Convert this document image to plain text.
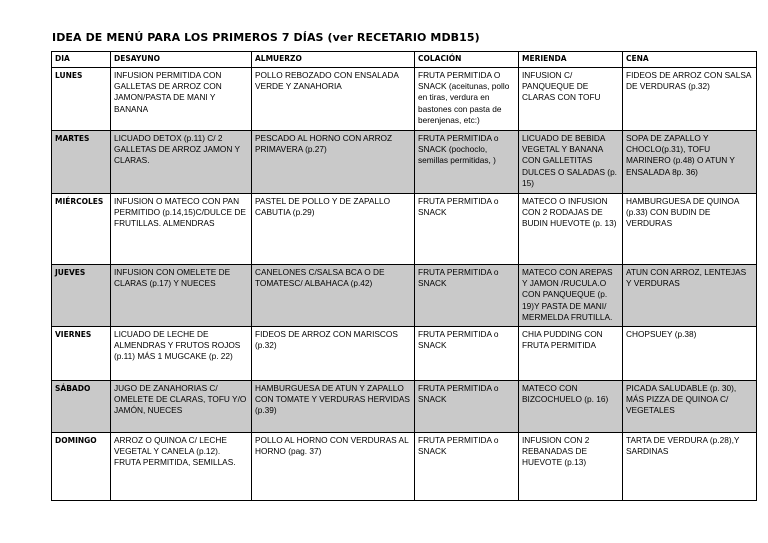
IDEA DE MENÚ PARA LOS PRIMEROS 7 DÍAS (ver RECETARIO MDB15)
DIA	DESAYUNO	ALMUERZO	COLACIÓN	MERIENDA	CENA
LUNES	INFUSION PERMITIDA CON GALLETAS DE ARROZ CON JAMON/PASTA DE MANI Y BANANA	POLLO REBOZADO CON ENSALADA VERDE Y ZANAHORIA	FRUTA PERMITIDA O SNACK (aceitunas, pollo en tiras, verdura en bastones con pasta de berenjenas, etc:)	INFUSION C/ PANQUEQUE DE CLARAS CON TOFU	FIDEOS DE ARROZ CON SALSA DE VERDURAS (p.32)
MARTES	LICUADO DETOX (p.11) C/ 2 GALLETAS DE ARROZ JAMON Y CLARAS.	PESCADO AL HORNO CON ARROZ PRIMAVERA (p.27)	FRUTA PERMITIDA o SNACK (pochoclo, semillas permitidas, )	LICUADO DE BEBIDA VEGETAL Y BANANA CON GALLETITAS DULCES O SALADAS (p. 15)	SOPA DE ZAPALLO Y CHOCLO(p.31), TOFU MARINERO (p.48) O ATUN Y ENSALADA 8p. 36)
MIÉRCOLES	INFUSION O MATECO CON PAN PERMITIDO (p.14,15)C/DULCE DE FRUTILLAS. ALMENDRAS	PASTEL DE POLLO Y DE ZAPALLO CABUTIA (p.29)	FRUTA PERMITIDA o SNACK	MATECO O INFUSION CON 2 RODAJAS DE BUDIN HUEVOTE (p. 13)	HAMBURGUESA DE QUINOA (p.33) CON BUDIN DE VERDURAS
JUEVES	INFUSION CON OMELETE DE CLARAS (p.17) Y NUECES	CANELONES C/SALSA BCA O DE TOMATESC/ ALBAHACA (p.42)	FRUTA PERMITIDA o SNACK	MATECO CON AREPAS Y JAMON /RUCULA.O CON PANQUEQUE (p. 19)Y PASTA DE MANI/ MERMELDA FRUTILLA.	ATUN CON ARROZ, LENTEJAS Y VERDURAS
VIERNES	LICUADO DE LECHE DE ALMENDRAS Y FRUTOS ROJOS (p.11) MÁS 1 MUGCAKE (p. 22)	FIDEOS DE ARROZ CON MARISCOS (p.32)	FRUTA PERMITIDA o SNACK	CHIA PUDDING CON FRUTA PERMITIDA	CHOPSUEY (p.38)
SÁBADO	JUGO DE ZANAHORIAS C/ OMELETE DE CLARAS, TOFU Y/O JAMÓN, NUECES	HAMBURGUESA DE ATUN Y ZAPALLO CON TOMATE Y VERDURAS HERVIDAS (p.39)	FRUTA PERMITIDA o SNACK	MATECO CON BIZCOCHUELO (p. 16)	PICADA SALUDABLE (p. 30), MÁS PIZZA DE QUINOA C/ VEGETALES
DOMINGO	ARROZ O QUINOA C/ LECHE VEGETAL Y CANELA (p.12). FRUTA PERMITIDA, SEMILLAS.	POLLO AL HORNO CON VERDURAS AL HORNO (pag. 37)	FRUTA PERMITIDA o SNACK	INFUSION CON 2 REBANADAS DE HUEVOTE (p.13)	TARTA DE VERDURA (p.28),Y SARDINAS
